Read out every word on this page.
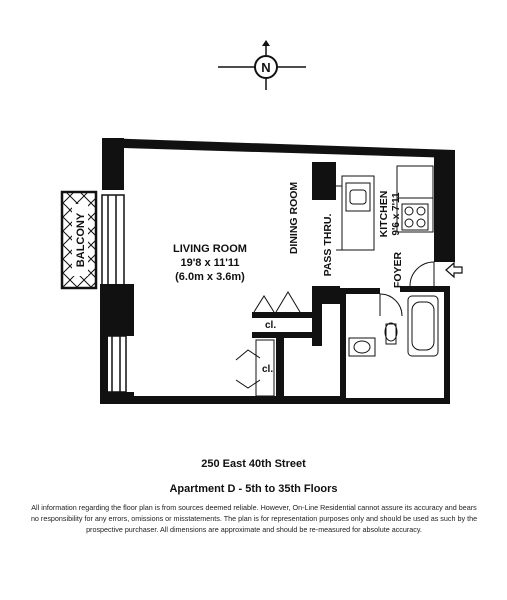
N
BALCONY
cl.
cl.
LIVING ROOM
19'8 x 11'11
(6.0m x 3.6m)
DINING ROOM PASS THRU.	KITCHEN 9'6 x 7'11
FOYER
250 East 40th Street
Apartment D - 5th to 35th Floors
All information regarding the floor plan is from sources deemed reliable. However, On-Line Residential cannot assure its accuracy and bears no responsibility for any errors, omissions or misstatements. The plan is for representation purposes only and should be used as such by the prospective purchaser. All dimensions are approximate and should be re-measured for absolute accuracy.
